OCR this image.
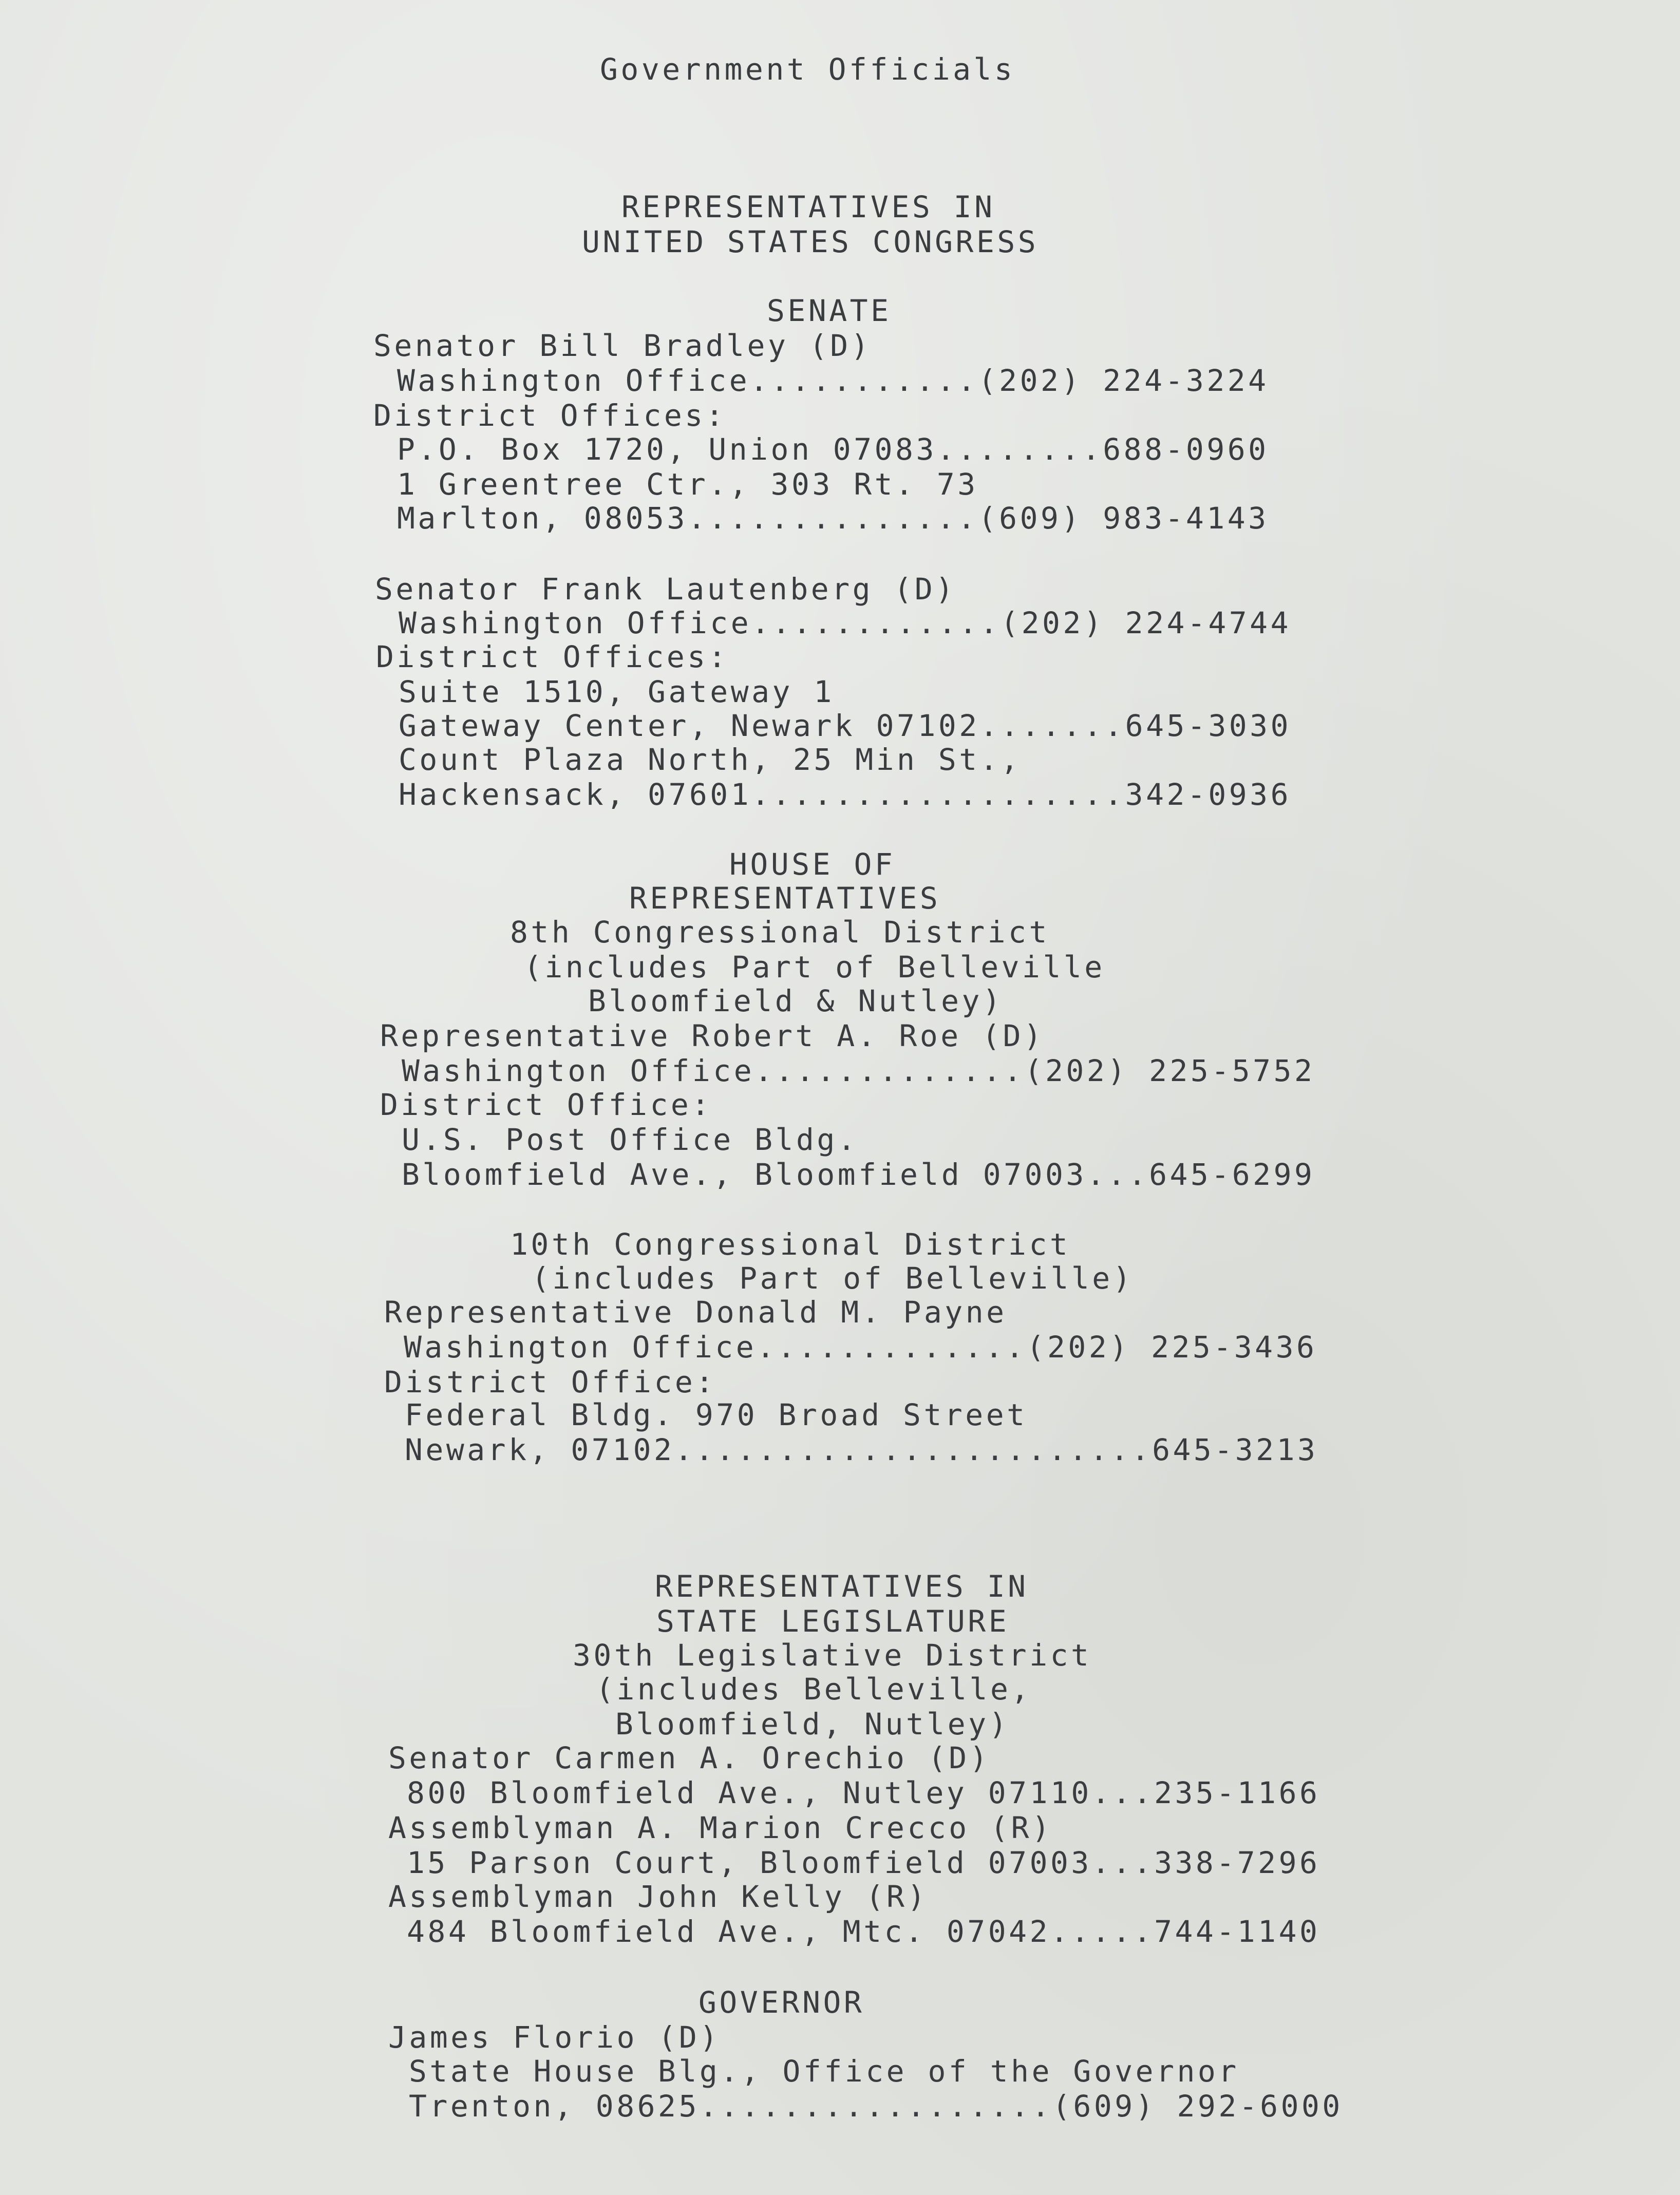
Government Officials

REPRESENTATIVES IN

UNITED STATES CONGRESS

SENATE

Senator Bill Bradley (D)

Washington Office...........(202) 224-3224

District Offices:

P.O. Box 1720, Union 07083........688-0960

1 Greentree Ctr., 303 Rt. 73

Marlton, 08053..............(609) 983-4143

Senator Frank Lautenberg (D)

Washington Office............(202) 224-4744

District Offices:

Suite 1510, Gateway 1

Gateway Center, Newark 07102.......645-3030

Count Plaza North, 25 Min St.,

Hackensack, 07601..................342-0936

HOUSE OF

REPRESENTATIVES

8th Congressional District

(includes Part of Belleville

Bloomfield & Nutley)

Representative Robert A. Roe (D)

Washington Office.............(202) 225-5752

District Office:

U.S. Post Office Bldg.

Bloomfield Ave., Bloomfield 07003...645-6299

10th Congressional District

(includes Part of Belleville)

Representative Donald M. Payne

Washington Office.............(202) 225-3436

District Office:

Federal Bldg. 970 Broad Street

Newark, 07102.......................645-3213

REPRESENTATIVES IN

STATE LEGISLATURE

30th Legislative District

(includes Belleville,

Bloomfield, Nutley)

Senator Carmen A. Orechio (D)

800 Bloomfield Ave., Nutley 07110...235-1166

Assemblyman A. Marion Crecco (R)

15 Parson Court, Bloomfield 07003...338-7296

Assemblyman John Kelly (R)

484 Bloomfield Ave., Mtc. 07042.....744-1140

GOVERNOR

James Florio (D)

State House Blg., Office of the Governor

Trenton, 08625.................(609) 292-6000
